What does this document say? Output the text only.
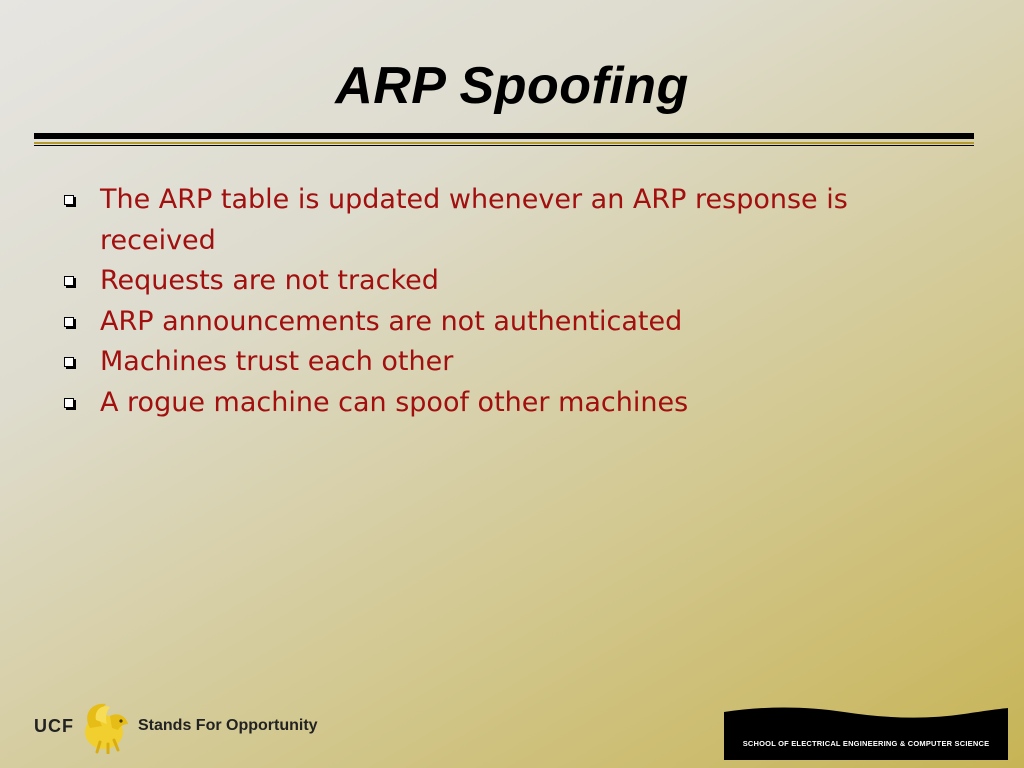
ARP Spoofing
The ARP table is updated whenever an ARP response is received
Requests are not tracked
ARP announcements are not authenticated
Machines trust each other
A rogue machine can spoof other machines
UCF	Stands For Opportunity
SCHOOL OF ELECTRICAL ENGINEERING & COMPUTER SCIENCE
